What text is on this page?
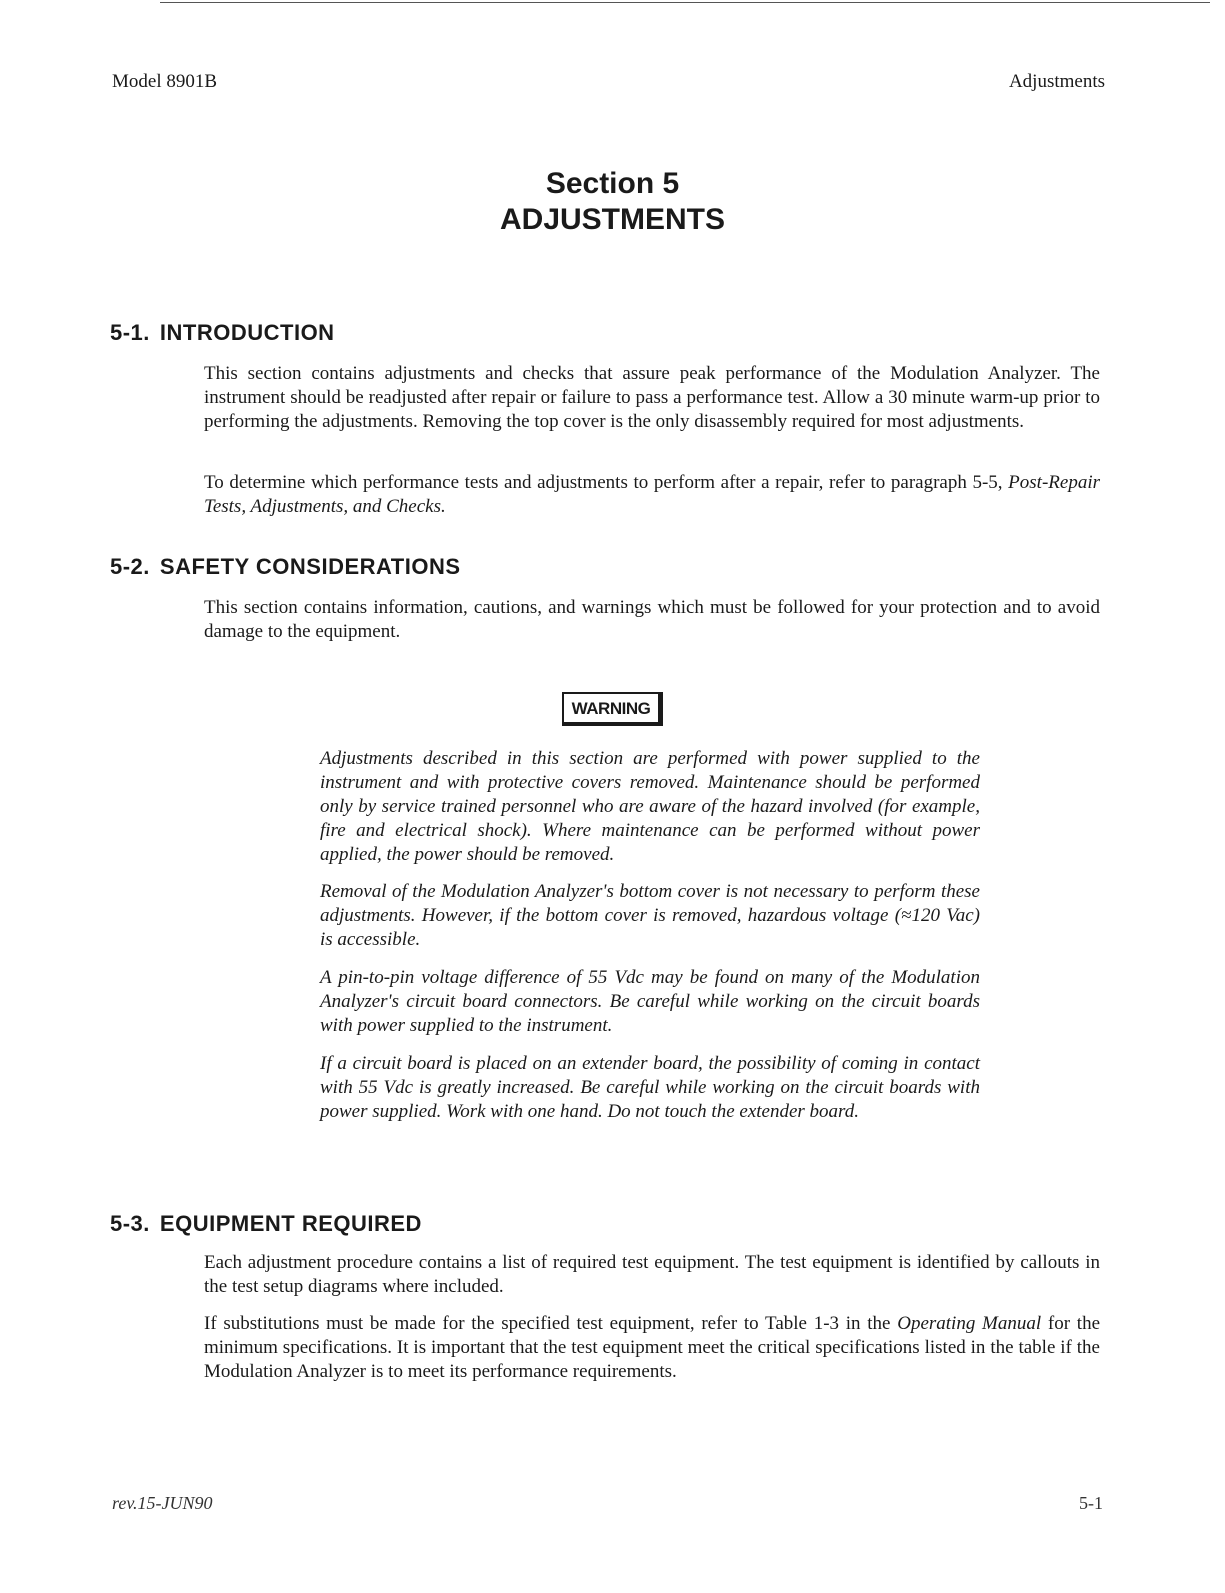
Model 8901B	Adjustments
Section 5
ADJUSTMENTS
5-1. INTRODUCTION

This section contains adjustments and checks that assure peak performance of the Modulation Analyzer. The instrument should be readjusted after repair or failure to pass a performance test. Allow a 30 minute warm-up prior to performing the adjustments. Removing the top cover is the only disassembly required for most adjustments.

To determine which performance tests and adjustments to perform after a repair, refer to paragraph 5-5, Post-Repair Tests, Adjustments, and Checks.

5-2. SAFETY CONSIDERATIONS

This section contains information, cautions, and warnings which must be followed for your protection and to avoid damage to the equipment.

WARNING

Adjustments described in this section are performed with power supplied to the instrument and with protective covers removed. Maintenance should be performed only by service trained personnel who are aware of the hazard involved (for example, fire and electrical shock). Where maintenance can be performed without power applied, the power should be removed.

Removal of the Modulation Analyzer's bottom cover is not necessary to perform these adjustments. However, if the bottom cover is removed, hazardous voltage (≈120 Vac) is accessible.

A pin-to-pin voltage difference of 55 Vdc may be found on many of the Modulation Analyzer's circuit board connectors. Be careful while working on the circuit boards with power supplied to the instrument.

If a circuit board is placed on an extender board, the possibility of coming in contact with 55 Vdc is greatly increased. Be careful while working on the circuit boards with power supplied. Work with one hand. Do not touch the extender board.

5-3. EQUIPMENT REQUIRED

Each adjustment procedure contains a list of required test equipment. The test equipment is identified by callouts in the test setup diagrams where included.

If substitutions must be made for the specified test equipment, refer to Table 1-3 in the Operating Manual for the minimum specifications. It is important that the test equipment meet the critical specifications listed in the table if the Modulation Analyzer is to meet its performance requirements.

rev.15-JUN90	5-1
